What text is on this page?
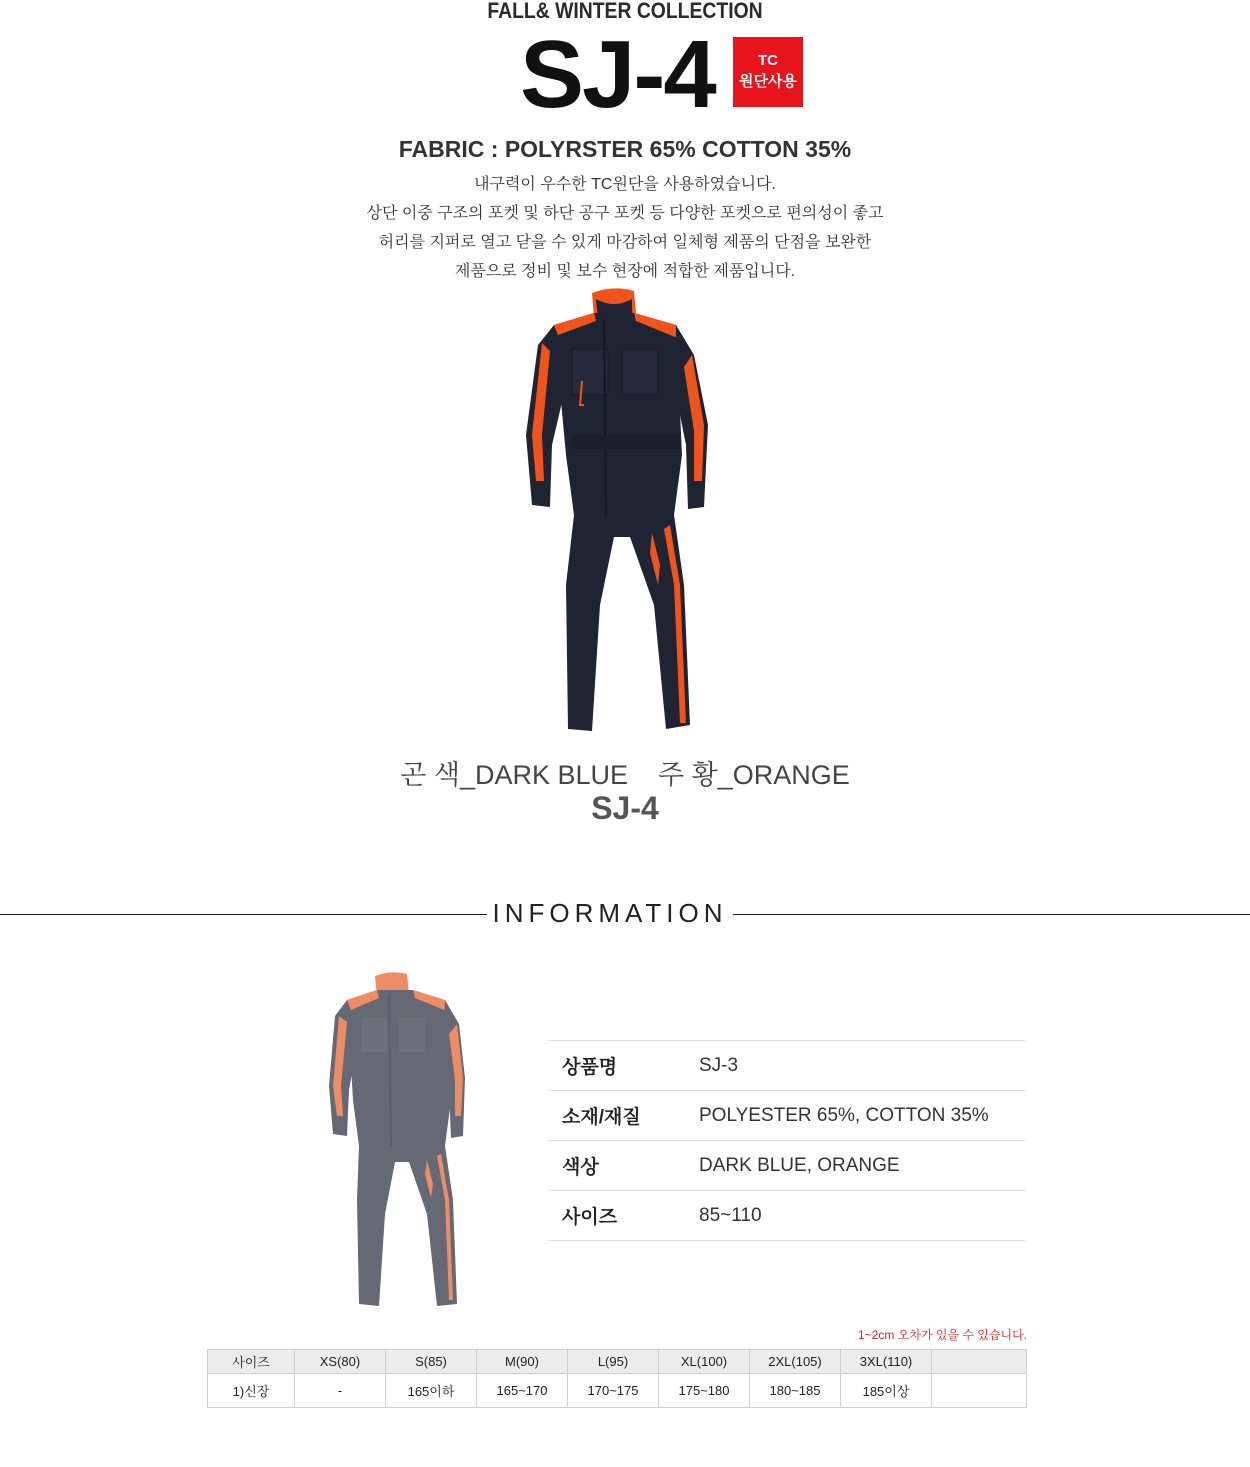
FALL& WINTER COLLECTION
SJ-4	TC
원단사용
FABRIC : POLYRSTER 65% COTTON 35%
내구력이 우수한 TC원단을 사용하였습니다.
상단 이중 구조의 포켓 및 하단 공구 포켓 등 다양한 포켓으로 편의성이 좋고
허리를 지퍼로 열고 닫을 수 있게 마감하여 일체형 제품의 단점을 보완한
제품으로 정비 및 보수 현장에 적합한 제품입니다.
곤 색_DARK BLUE    주 황_ORANGE
SJ-4
INFORMATION
상품명	SJ-3
소재/재질	POLYESTER 65%, COTTON 35%
색상	DARK BLUE, ORANGE
사이즈	85~110
1~2cm 오차가 있을 수 있습니다.
사이즈	XS(80)	S(85)	M(90)	L(95)	XL(100)	2XL(105)	3XL(110)	
1)신장	-	165이하	165~170	170~175	175~180	180~185	185이상	
